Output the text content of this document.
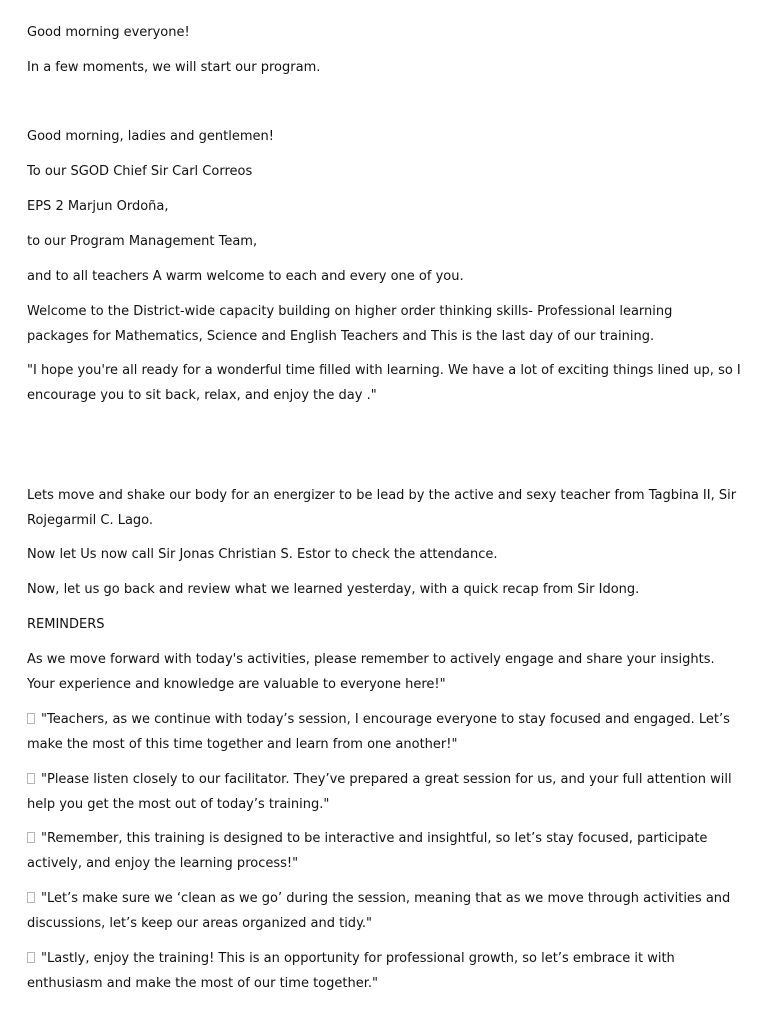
Good morning everyone!
In a few moments, we will start our program.
Good morning, ladies and gentlemen!
To our SGOD Chief Sir Carl Correos
EPS 2 Marjun Ordoña,
to our Program Management Team,
and to all teachers A warm welcome to each and every one of you.
Welcome to the District-wide capacity building on higher order thinking skills- Professional learning
packages for Mathematics, Science and English Teachers and This is the last day of our training.
"I hope you're all ready for a wonderful time filled with learning. We have a lot of exciting things lined up, so I
encourage you to sit back, relax, and enjoy the day ."
Lets move and shake our body for an energizer to be lead by the active and sexy teacher from Tagbina II, Sir
Rojegarmil C. Lago.
Now let Us now call Sir Jonas Christian S. Estor to check the attendance.
Now, let us go back and review what we learned yesterday, with a quick recap from Sir Idong.
REMINDERS
As we move forward with today's activities, please remember to actively engage and share your insights.
Your experience and knowledge are valuable to everyone here!"
"Teachers, as we continue with today’s session, I encourage everyone to stay focused and engaged. Let’s
make the most of this time together and learn from one another!"
"Please listen closely to our facilitator. They’ve prepared a great session for us, and your full attention will
help you get the most out of today’s training."
"Remember, this training is designed to be interactive and insightful, so let’s stay focused, participate
actively, and enjoy the learning process!"
"Let’s make sure we ‘clean as we go’ during the session, meaning that as we move through activities and
discussions, let’s keep our areas organized and tidy."
"Lastly, enjoy the training! This is an opportunity for professional growth, so let’s embrace it with
enthusiasm and make the most of our time together."
